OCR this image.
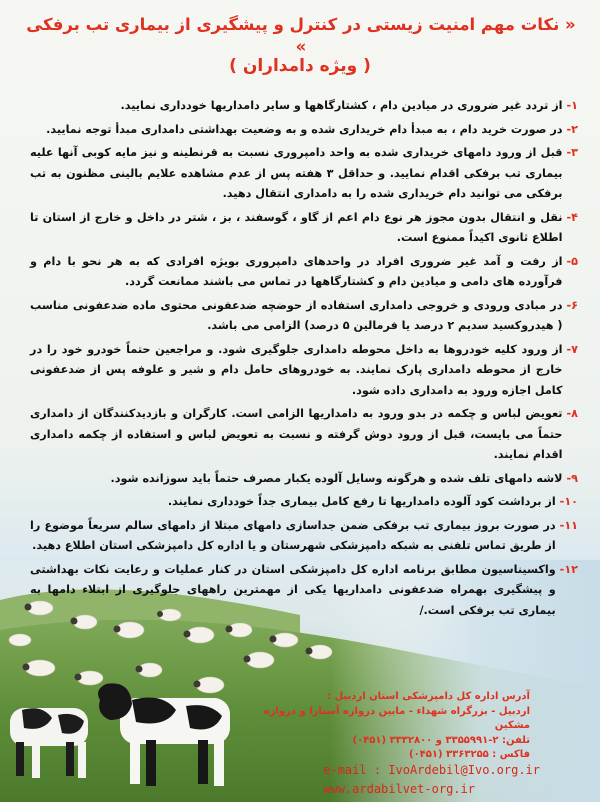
« نکات مهم امنیت زیستی در کنترل و پیشگیری از بیماری تب برفکی »
( ویژه دامداران )
۱-
از تردد غیر ضروری در میادین دام ، کشتارگاهها و سایر دامداریها خودداری نمایید.
۲-
در صورت خرید دام ، به مبدأ دام خریداری شده و به وضعیت بهداشتی دامداری مبدأ توجه نمایید.
۳-
قبل از ورود دامهای خریداری شده به واحد دامپروری نسبت به قرنطینه و نیز مایه کوبی آنها علیه بیماری تب برفکی اقدام نمایید. و حداقل ۳ هفته پس از عدم مشاهده علایم بالینی مظنون به تب برفکی می توانید دام خریداری شده را به دامداری انتقال دهید.
۴-
نقل و انتقال بدون مجوز هر نوع دام اعم از گاو ، گوسفند ، بز ، شتر در داخل و خارج از استان تا اطلاع ثانوی اکیداً ممنوع است.
۵-
از رفت و آمد غیر ضروری افراد در واحدهای دامپروری بویژه افرادی که به هر نحو با دام و فرآورده های دامی و میادین دام و کشتارگاهها در تماس می باشند ممانعت گردد.
۶-
در مبادی ورودی و خروجی دامداری استفاده از حوضچه ضدعفونی محتوی ماده ضدعفونی مناسب ( هیدروکسید سدیم ۲ درصد یا فرمالین ۵ درصد) الزامی می باشد.
۷-
از ورود کلیه خودروها به داخل محوطه دامداری جلوگیری شود. و مراجعین حتماً خودرو خود را در خارج از محوطه دامداری پارک نمایند. به خودروهای حامل دام و شیر و علوفه پس از ضدعفونی کامل اجازه ورود به دامداری داده شود.
۸-
تعویض لباس و چکمه در بدو ورود به دامداریها الزامی است. کارگران و بازدیدکنندگان از دامداری حتماً می بایست، قبل از ورود دوش گرفته و نسبت به تعویض لباس و استفاده از چکمه دامداری اقدام نمایند.
۹-
لاشه دامهای تلف شده و هرگونه وسایل آلوده یکبار مصرف حتماً باید سوزانده شود.
۱۰-
از برداشت کود آلوده دامداریها تا رفع کامل بیماری جداً خودداری نمایند.
۱۱-
در صورت بروز بیماری تب برفکی ضمن جداسازی دامهای مبتلا از دامهای سالم سریعاً موضوع را از طریق تماس تلفنی به شبکه دامپزشکی شهرستان و یا اداره کل دامپزشکی استان اطلاع دهید.
۱۲-
واکسیناسیون مطابق برنامه اداره کل دامپزشکی استان در کنار عملیات و رعایت نکات بهداشتی و پیشگیری بهمراه ضدعفونی دامداریها یکی از مهمترین راههای جلوگیری از ابتلاء دامها به بیماری تب برفکی است./
آدرس اداره کل دامپزشکی استان اردبیل :
اردبیل - بزرگراه شهداء - مابین دروازه آستارا و دروازه مشکین
تلفن: ۲-۳۳۵۵۹۹۱ و ۳۳۳۲۸۰۰ (۰۴۵۱)
فاکس : ۳۳۶۳۲۵۵ (۰۴۵۱)
e-mail : IvoArdebil@Ivo.org.ir
www.ardabilvet-org.ir
